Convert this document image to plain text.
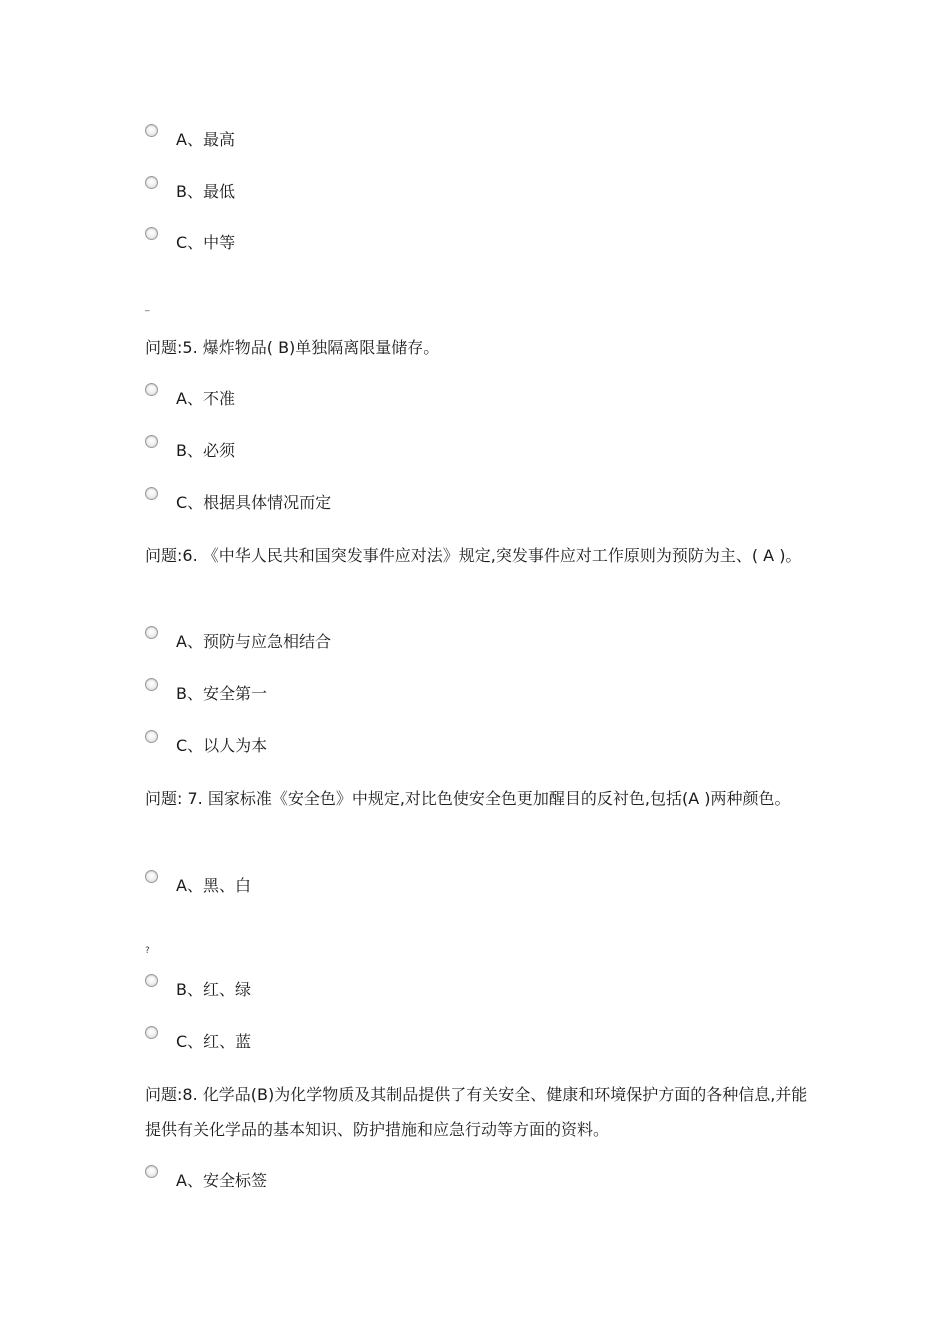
A、最高
B、最低
C、中等
_

问题:5. 爆炸物品( B)单独隔离限量储存。

A、不准
B、必须
C、根据具体情况而定

问题:6. 《中华人民共和国突发事件应对法》规定,突发事件应对工作原则为预防为主、( A )。

A、预防与应急相结合
B、安全第一
C、以人为本

问题: 7. 国家标准《安全色》中规定,对比色使安全色更加醒目的反衬色,包括(A )两种颜色。

A、黑、白
?
B、红、绿
C、红、蓝

问题:8. 化学品(B)为化学物质及其制品提供了有关安全、健康和环境保护方面的各种信息,并能提供有关化学品的基本知识、防护措施和应急行动等方面的资料。

A、安全标签
